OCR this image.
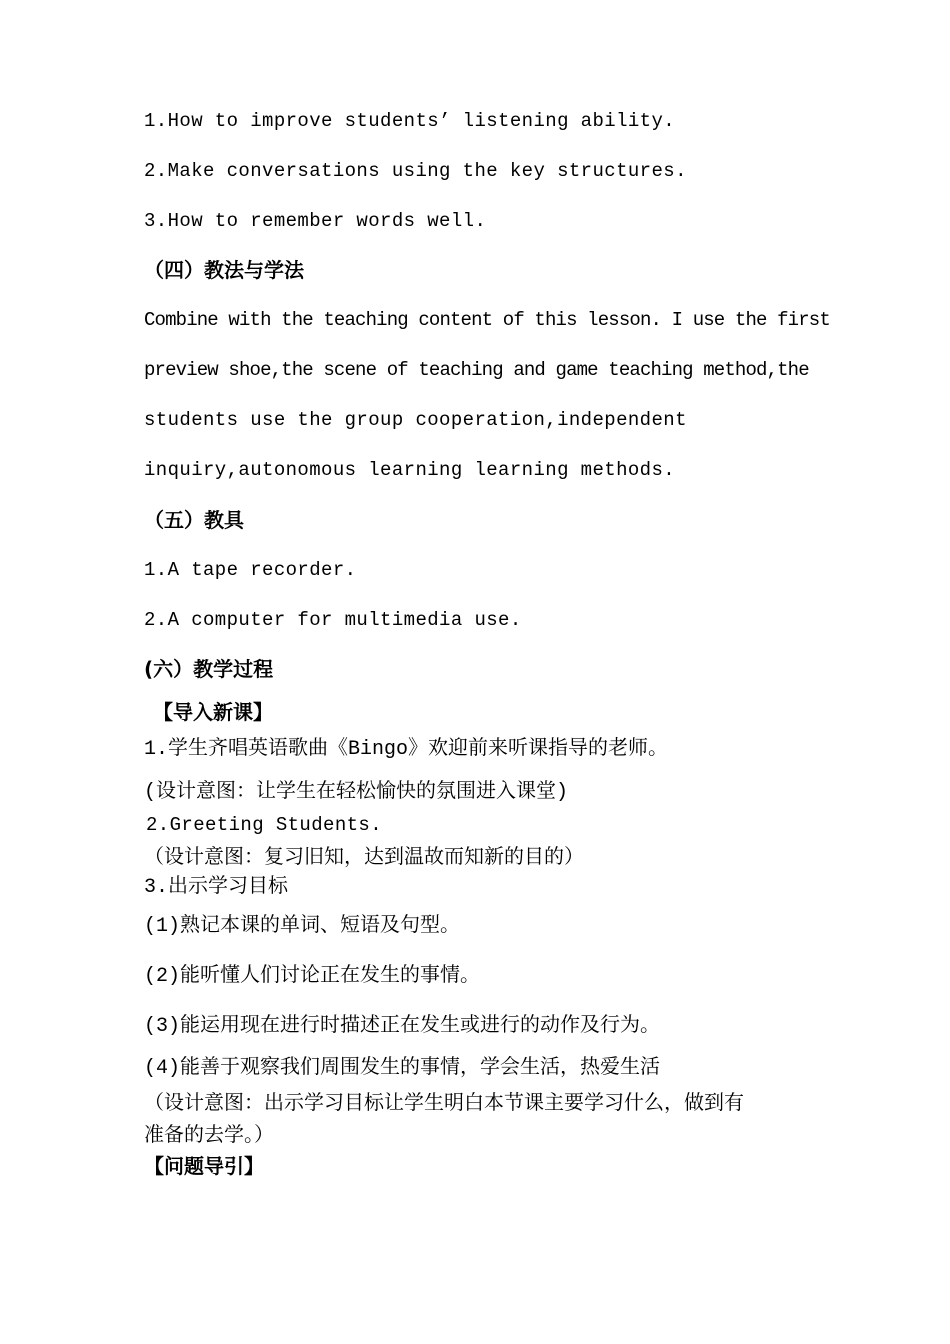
1.How to improve students’ listening ability.
2.Make conversations using the key structures.
3.How to remember words well.
（四）教法与学法
Combine with the teaching content of this lesson. I use the first
preview shoe,the scene of teaching and game teaching method,the
students use the group cooperation,independent
inquiry,autonomous learning learning methods.
（五）教具
1.A tape recorder.
2.A computer for multimedia use.
(六）教学过程
【导入新课】
1.学生齐唱英语歌曲《Bingo》欢迎前来听课指导的老师。
(设计意图：让学生在轻松愉快的氛围进入课堂)
2.Greeting Students.
（设计意图：复习旧知，达到温故而知新的目的）
3.出示学习目标
(1)熟记本课的单词、短语及句型。
(2)能听懂人们讨论正在发生的事情。
(3)能运用现在进行时描述正在发生或进行的动作及行为。
(4)能善于观察我们周围发生的事情，学会生活，热爱生活
（设计意图：出示学习目标让学生明白本节课主要学习什么，做到有
准备的去学。）
【问题导引】
